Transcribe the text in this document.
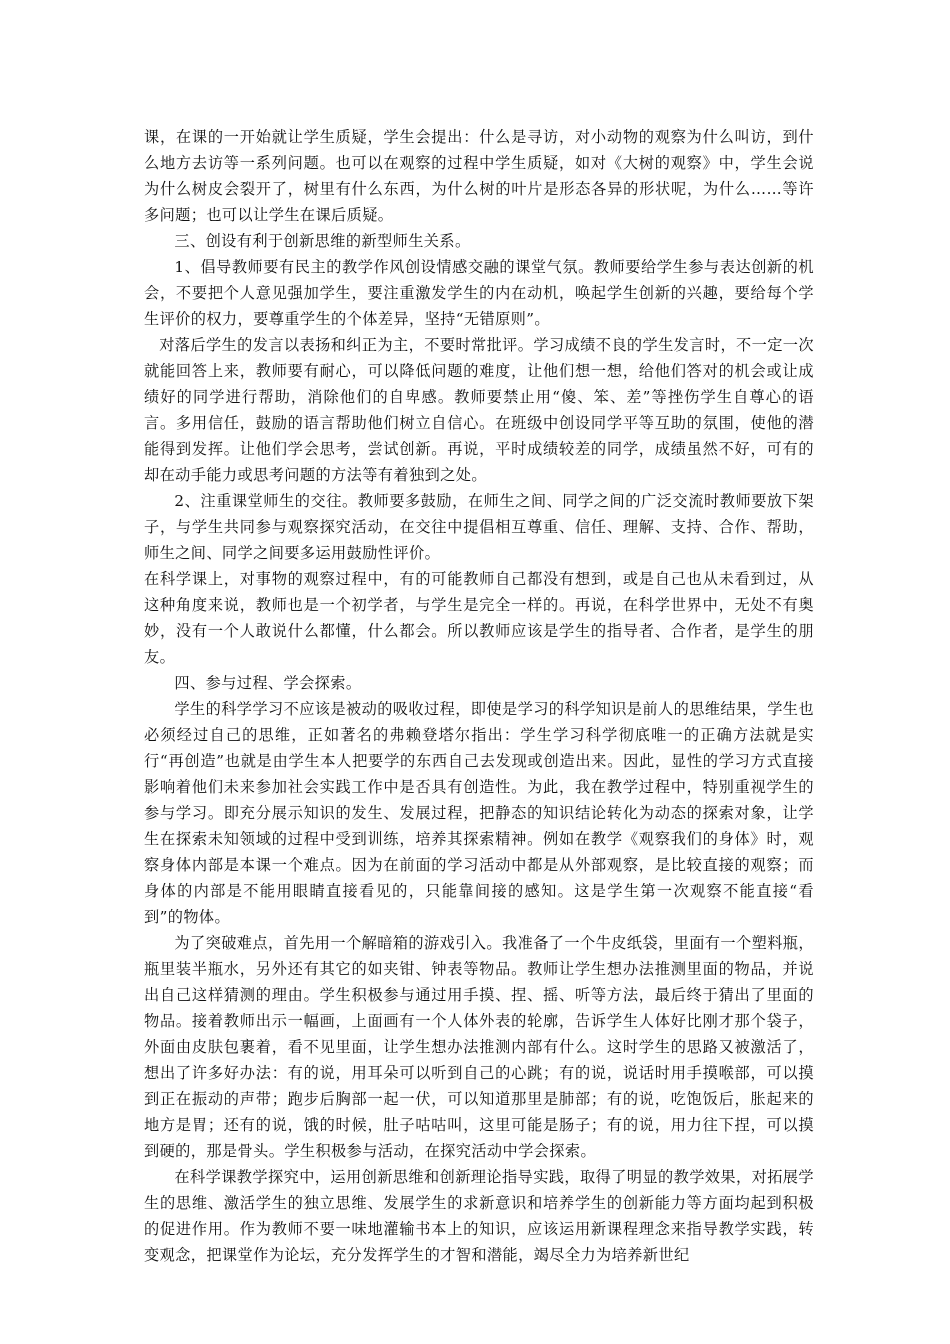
课，在课的一开始就让学生质疑，学生会提出：什么是寻访，对小动物的观察为什么叫访，到什么地方去访等一系列问题。也可以在观察的过程中学生质疑，如对《大树的观察》中，学生会说为什么树皮会裂开了，树里有什么东西，为什么树的叶片是形态各异的形状呢，为什么……等许多问题；也可以让学生在课后质疑。

三、创设有利于创新思维的新型师生关系。

1、倡导教师要有民主的教学作风创设情感交融的课堂气氛。教师要给学生参与表达创新的机会，不要把个人意见强加学生，要注重激发学生的内在动机，唤起学生创新的兴趣，要给每个学生评价的权力，要尊重学生的个体差异，坚持“无错原则”。

对落后学生的发言以表扬和纠正为主，不要时常批评。学习成绩不良的学生发言时，不一定一次就能回答上来，教师要有耐心，可以降低问题的难度，让他们想一想，给他们答对的机会或让成绩好的同学进行帮助，消除他们的自卑感。教师要禁止用“傻、笨、差”等挫伤学生自尊心的语言。多用信任，鼓励的语言帮助他们树立自信心。在班级中创设同学平等互助的氛围，使他的潜能得到发挥。让他们学会思考，尝试创新。再说，平时成绩较差的同学，成绩虽然不好，可有的却在动手能力或思考问题的方法等有着独到之处。

2、注重课堂师生的交往。教师要多鼓励，在师生之间、同学之间的广泛交流时教师要放下架子，与学生共同参与观察探究活动，在交往中提倡相互尊重、信任、理解、支持、合作、帮助，师生之间、同学之间要多运用鼓励性评价。

在科学课上，对事物的观察过程中，有的可能教师自己都没有想到，或是自己也从未看到过，从这种角度来说，教师也是一个初学者，与学生是完全一样的。再说，在科学世界中，无处不有奥妙，没有一个人敢说什么都懂，什么都会。所以教师应该是学生的指导者、合作者，是学生的朋友。

四、参与过程、学会探索。

学生的科学学习不应该是被动的吸收过程，即使是学习的科学知识是前人的思维结果，学生也必须经过自己的思维，正如著名的弗赖登塔尔指出：学生学习科学彻底唯一的正确方法就是实行“再创造”也就是由学生本人把要学的东西自己去发现或创造出来。因此，显性的学习方式直接影响着他们未来参加社会实践工作中是否具有创造性。为此，我在教学过程中，特别重视学生的参与学习。即充分展示知识的发生、发展过程，把静态的知识结论转化为动态的探索对象，让学生在探索未知领域的过程中受到训练，培养其探索精神。例如在教学《观察我们的身体》时，观察身体内部是本课一个难点。因为在前面的学习活动中都是从外部观察，是比较直接的观察；而身体的内部是不能用眼睛直接看见的，只能靠间接的感知。这是学生第一次观察不能直接“看到”的物体。

为了突破难点，首先用一个解暗箱的游戏引入。我准备了一个牛皮纸袋，里面有一个塑料瓶，瓶里装半瓶水，另外还有其它的如夹钳、钟表等物品。教师让学生想办法推测里面的物品，并说出自己这样猜测的理由。学生积极参与通过用手摸、捏、摇、听等方法，最后终于猜出了里面的物品。接着教师出示一幅画，上面画有一个人体外表的轮廓，告诉学生人体好比刚才那个袋子，外面由皮肤包裹着，看不见里面，让学生想办法推测内部有什么。这时学生的思路又被激活了，想出了许多好办法：有的说，用耳朵可以听到自己的心跳；有的说，说话时用手摸喉部，可以摸到正在振动的声带；跑步后胸部一起一伏，可以知道那里是肺部；有的说，吃饱饭后，胀起来的地方是胃；还有的说，饿的时候，肚子咕咕叫，这里可能是肠子；有的说，用力往下捏，可以摸到硬的，那是骨头。学生积极参与活动，在探究活动中学会探索。

在科学课教学探究中，运用创新思维和创新理论指导实践，取得了明显的教学效果，对拓展学生的思维、激活学生的独立思维、发展学生的求新意识和培养学生的创新能力等方面均起到积极的促进作用。作为教师不要一味地灌输书本上的知识，应该运用新课程理念来指导教学实践，转变观念，把课堂作为论坛，充分发挥学生的才智和潜能，竭尽全力为培养新世纪
